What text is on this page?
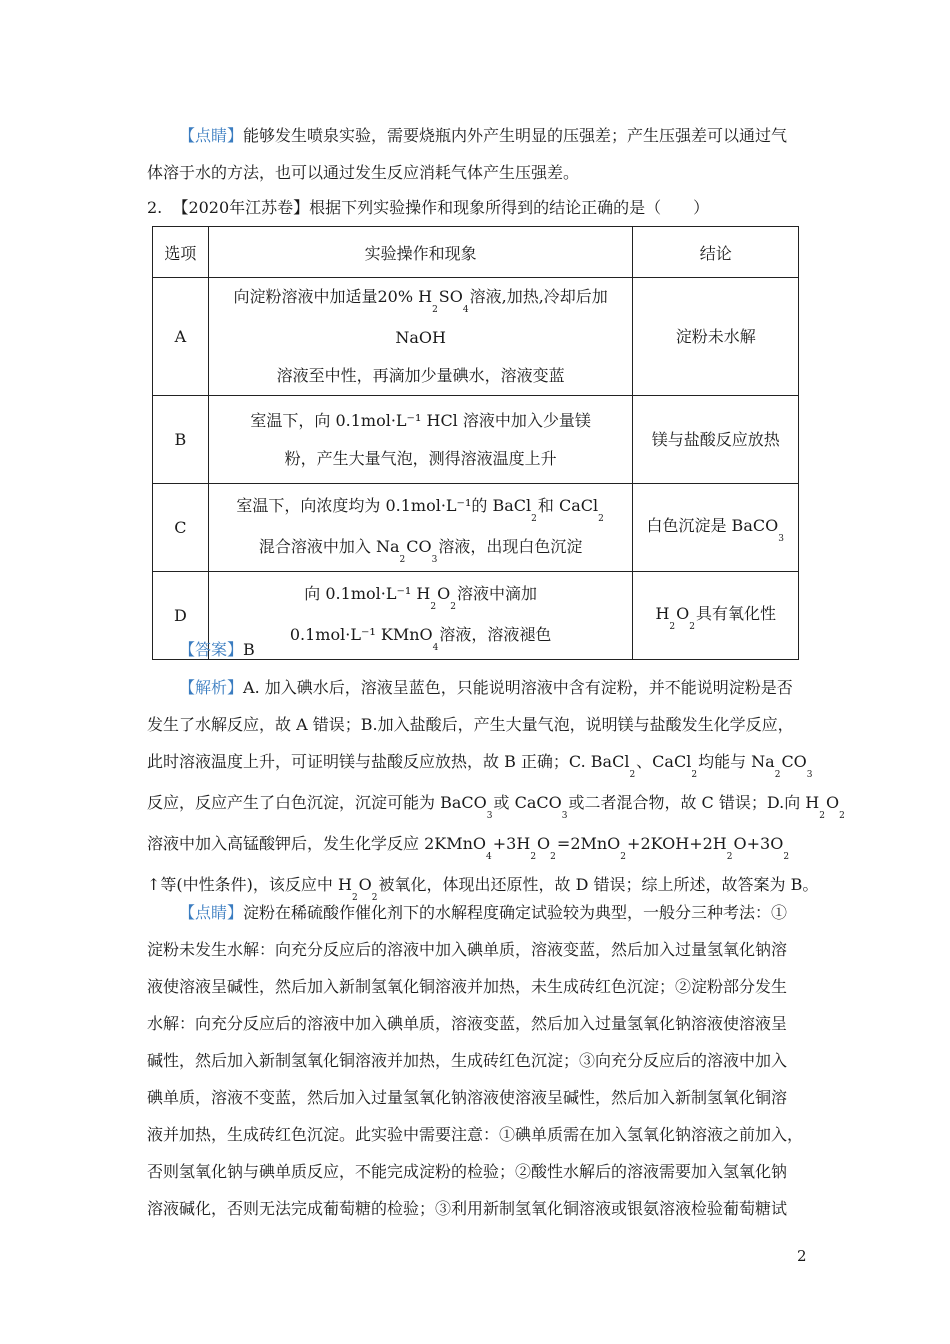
【点睛】能够发生喷泉实验，需要烧瓶内外产生明显的压强差；产生压强差可以通过气
体溶于水的方法，也可以通过发生反应消耗气体产生压强差。
2. 【2020年江苏卷】根据下列实验操作和现象所得到的结论正确的是（　　）
选项	实验操作和现象	结论
A	向淀粉溶液中加适量20% $H_2SO_4$溶液,加热,冷却后加NaOH
溶液至中性，再滴加少量碘水，溶液变蓝	淀粉未水解
B	室温下，向 0.1mol·L⁻¹ HCl 溶液中加入少量镁
粉，产生大量气泡，测得溶液温度上升	镁与盐酸反应放热
C	室温下，向浓度均为 0.1mol·L⁻¹的 BaCl$_2$和 CaCl$_2$
混合溶液中加入 $Na_2CO_3$溶液，出现白色沉淀	白色沉淀是 BaCO$_3$
D	向 0.1mol·L⁻¹ $H_2O_2$溶液中滴加
0.1mol·L⁻¹ KMnO$_4$溶液，溶液褪色	$H_2O_2$具有氧化性
【答案】B
【解析】A. 加入碘水后，溶液呈蓝色，只能说明溶液中含有淀粉，并不能说明淀粉是否
发生了水解反应，故 A 错误；B.加入盐酸后，产生大量气泡，说明镁与盐酸发生化学反应，
此时溶液温度上升，可证明镁与盐酸反应放热，故 B 正确；C. BaCl$_2$、CaCl$_2$均能与 $Na_2CO_3$
反应，反应产生了白色沉淀，沉淀可能为 BaCO$_3$或 CaCO$_3$或二者混合物，故 C 错误；D.向 $H_2O_2$
溶液中加入高锰酸钾后，发生化学反应 $2KMnO_4+3H_2O_2=2MnO_2+2KOH+2H_2O+3O_2$
↑等(中性条件)，该反应中 $H_2O_2$被氧化，体现出还原性，故 D 错误；综上所述，故答案为 B。
【点睛】淀粉在稀硫酸作催化剂下的水解程度确定试验较为典型，一般分三种考法：①
淀粉未发生水解：向充分反应后的溶液中加入碘单质，溶液变蓝，然后加入过量氢氧化钠溶
液使溶液呈碱性，然后加入新制氢氧化铜溶液并加热，未生成砖红色沉淀；②淀粉部分发生
水解：向充分反应后的溶液中加入碘单质，溶液变蓝，然后加入过量氢氧化钠溶液使溶液呈
碱性，然后加入新制氢氧化铜溶液并加热，生成砖红色沉淀；③向充分反应后的溶液中加入
碘单质，溶液不变蓝，然后加入过量氢氧化钠溶液使溶液呈碱性，然后加入新制氢氧化铜溶
液并加热，生成砖红色沉淀。此实验中需要注意：①碘单质需在加入氢氧化钠溶液之前加入，
否则氢氧化钠与碘单质反应，不能完成淀粉的检验；②酸性水解后的溶液需要加入氢氧化钠
溶液碱化，否则无法完成葡萄糖的检验；③利用新制氢氧化铜溶液或银氨溶液检验葡萄糖试
2
